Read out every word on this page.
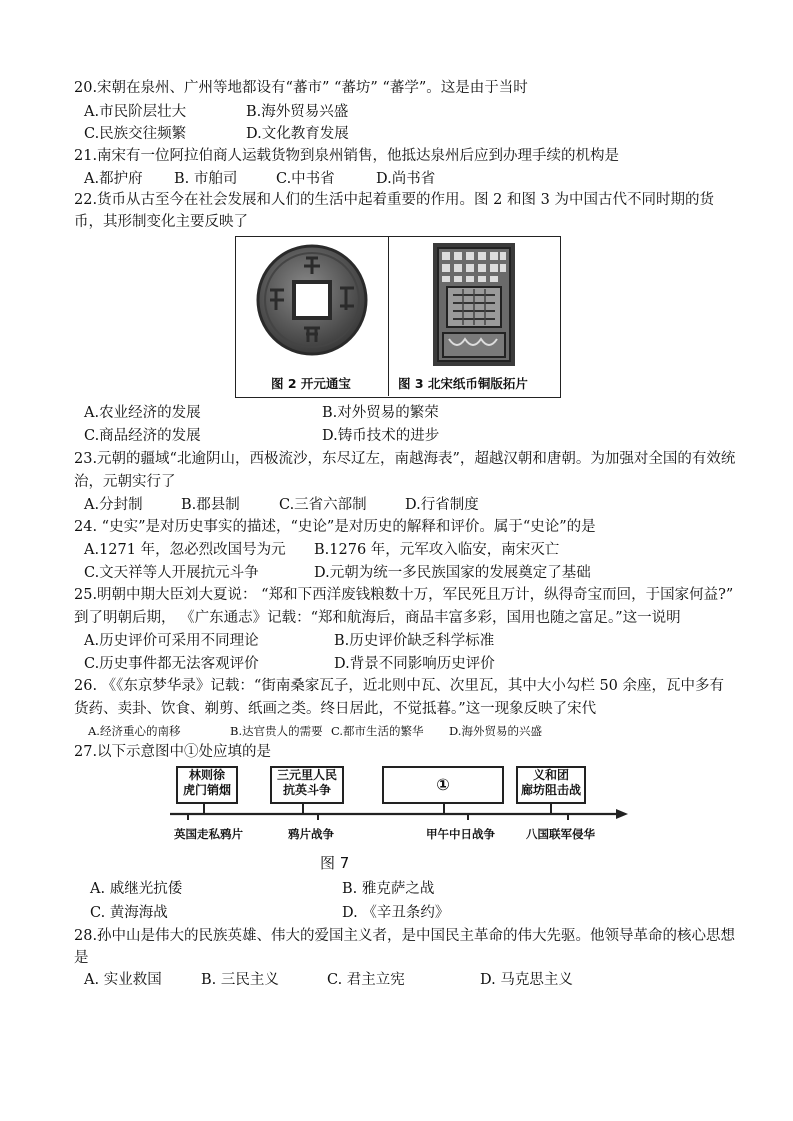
20.宋朝在泉州、广州等地都设有“蕃市” “蕃坊” “蕃学”。这是由于当时
A.市民阶层壮大	B.海外贸易兴盛
C.民族交往频繁	D.文化教育发展
21.南宋有一位阿拉伯商人运载货物到泉州销售，他抵达泉州后应到办理手续的机构是
A.都护府 B. 市舶司	C.中书省	D.尚书省
22.货币从古至今在社会发展和人们的生活中起着重要的作用。图 2 和图 3 为中国古代不同时期的货
币，其形制变化主要反映了
图 2 开元通宝	图 3 北宋纸币铜版拓片
A.农业经济的发展	B.对外贸易的繁荣
C.商品经济的发展	D.铸币技术的进步
23.元朝的疆域“北逾阴山，西极流沙，东尽辽左，南越海表”，超越汉朝和唐朝。为加强对全国的有效统
治，元朝实行了
A.分封制	B.郡县制	C.三省六部制	D.行省制度
24. “史实”是对历史事实的描述，“史论”是对历史的解释和评价。属于“史论”的是
A.1271 年，忽必烈改国号为元 B.1276 年，元军攻入临安，南宋灭亡
C.文天祥等人开展抗元斗争	D.元朝为统一多民族国家的发展奠定了基础
25.明朝中期大臣刘大夏说： “郑和下西洋废钱粮数十万，军民死且万计，纵得奇宝而回，于国家何益?”
到了明朝后期， 《广东通志》记载：“郑和航海后，商品丰富多彩，国用也随之富足。”这一说明
A.历史评价可采用不同理论	B.历史评价缺乏科学标准
C.历史事件都无法客观评价	D.背景不同影响历史评价
26. 《《东京梦华录》记载：“街南桑家瓦子，近北则中瓦、次里瓦，其中大小勾栏 50 余座，瓦中多有
货药、卖卦、饮食、剃剪、纸画之类。终日居此，不觉抵暮。”这一现象反映了宋代
A.经济重心的南移	B.达官贵人的需要 C.都市生活的繁华 D.海外贸易的兴盛
27.以下示意图中①处应填的是
林则徐
虎门销烟
三元里人民
抗英斗争	①	义和团
廊坊阻击战
英国走私鸦片	鸦片战争	甲午中日战争	八国联军侵华
图 7
A. 戚继光抗倭	B. 雅克萨之战
C. 黄海海战	D. 《辛丑条约》
28.孙中山是伟大的民族英雄、伟大的爱国主义者，是中国民主革命的伟大先驱。他领导革命的核心思想
是
A. 实业救国	B. 三民主义	C. 君主立宪	D. 马克思主义
